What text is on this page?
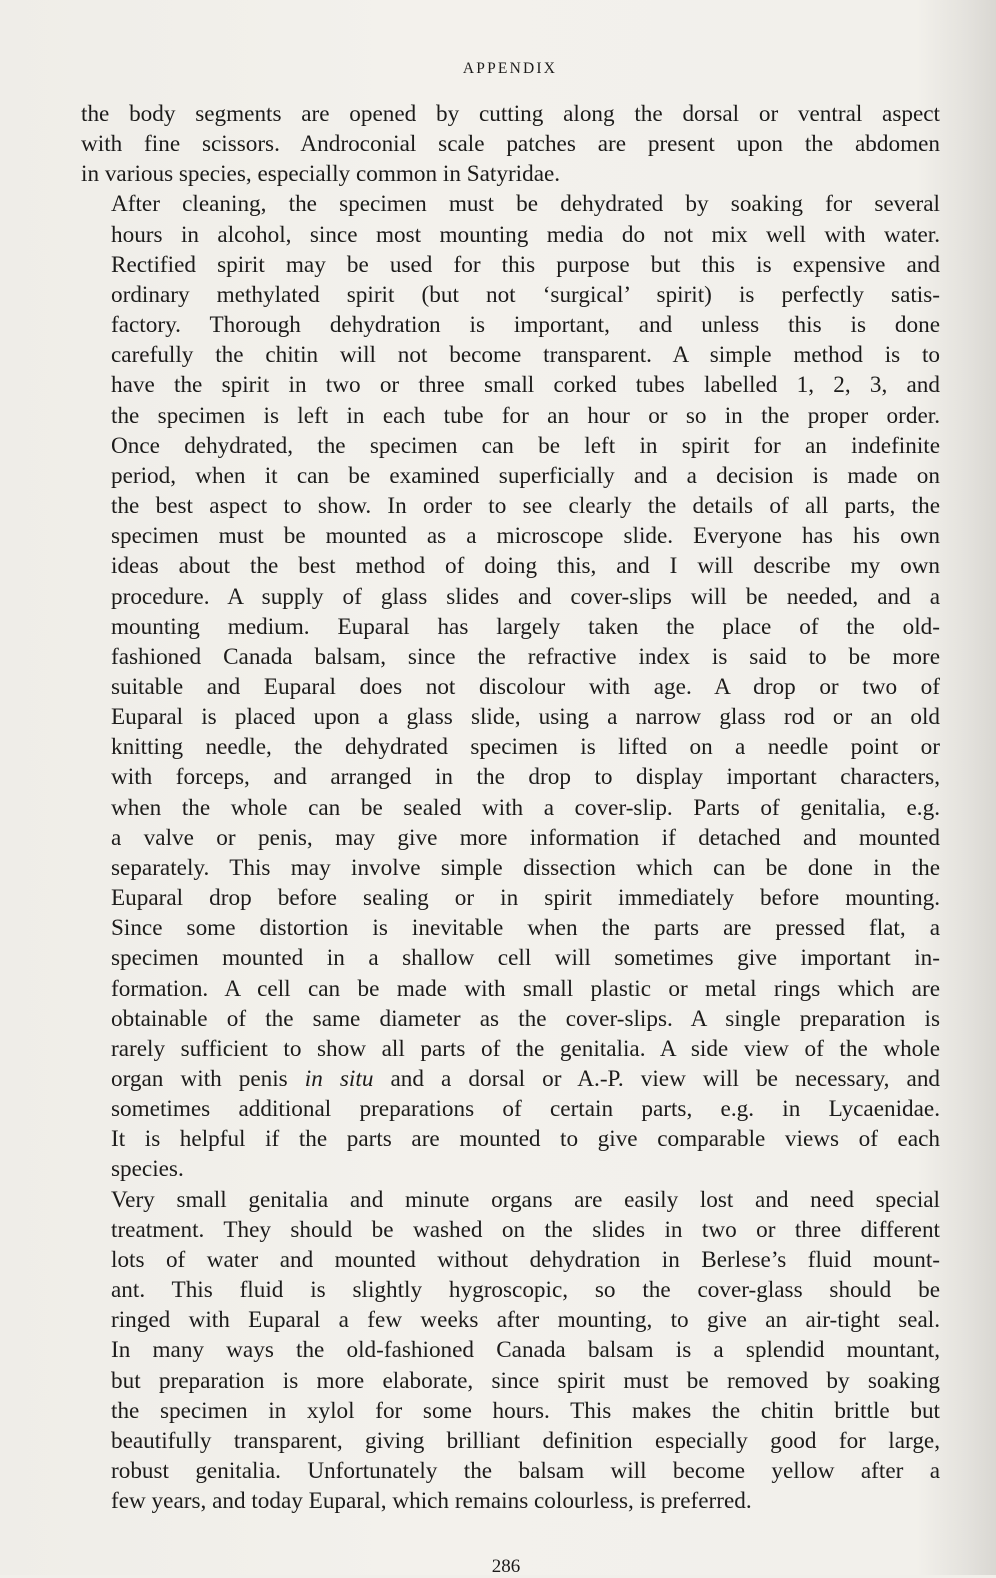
APPENDIX

the body segments are opened by cutting along the dorsal or ventral aspect
with fine scissors. Androconial scale patches are present upon the abdomen
in various species, especially common in Satyridae.

After cleaning, the specimen must be dehydrated by soaking for several
hours in alcohol, since most mounting media do not mix well with water.
Rectified spirit may be used for this purpose but this is expensive and
ordinary methylated spirit (but not ‘surgical’ spirit) is perfectly satis-
factory. Thorough dehydration is important, and unless this is done
carefully the chitin will not become transparent. A simple method is to
have the spirit in two or three small corked tubes labelled 1, 2, 3, and
the specimen is left in each tube for an hour or so in the proper order.
Once dehydrated, the specimen can be left in spirit for an indefinite
period, when it can be examined superficially and a decision is made on
the best aspect to show. In order to see clearly the details of all parts, the
specimen must be mounted as a microscope slide. Everyone has his own
ideas about the best method of doing this, and I will describe my own
procedure. A supply of glass slides and cover-slips will be needed, and a
mounting medium. Euparal has largely taken the place of the old-
fashioned Canada balsam, since the refractive index is said to be more
suitable and Euparal does not discolour with age. A drop or two of
Euparal is placed upon a glass slide, using a narrow glass rod or an old
knitting needle, the dehydrated specimen is lifted on a needle point or
with forceps, and arranged in the drop to display important characters,
when the whole can be sealed with a cover-slip. Parts of genitalia, e.g.
a valve or penis, may give more information if detached and mounted
separately. This may involve simple dissection which can be done in the
Euparal drop before sealing or in spirit immediately before mounting.
Since some distortion is inevitable when the parts are pressed flat, a
specimen mounted in a shallow cell will sometimes give important in-
formation. A cell can be made with small plastic or metal rings which are
obtainable of the same diameter as the cover-slips. A single preparation is
rarely sufficient to show all parts of the genitalia. A side view of the whole
organ with penis in situ and a dorsal or A.-P. view will be necessary, and
sometimes additional preparations of certain parts, e.g. in Lycaenidae.
It is helpful if the parts are mounted to give comparable views of each
species.

Very small genitalia and minute organs are easily lost and need special
treatment. They should be washed on the slides in two or three different
lots of water and mounted without dehydration in Berlese’s fluid mount-
ant. This fluid is slightly hygroscopic, so the cover-glass should be
ringed with Euparal a few weeks after mounting, to give an air-tight seal.
In many ways the old-fashioned Canada balsam is a splendid mountant,
but preparation is more elaborate, since spirit must be removed by soaking
the specimen in xylol for some hours. This makes the chitin brittle but
beautifully transparent, giving brilliant definition especially good for large,
robust genitalia. Unfortunately the balsam will become yellow after a
few years, and today Euparal, which remains colourless, is preferred.

286
